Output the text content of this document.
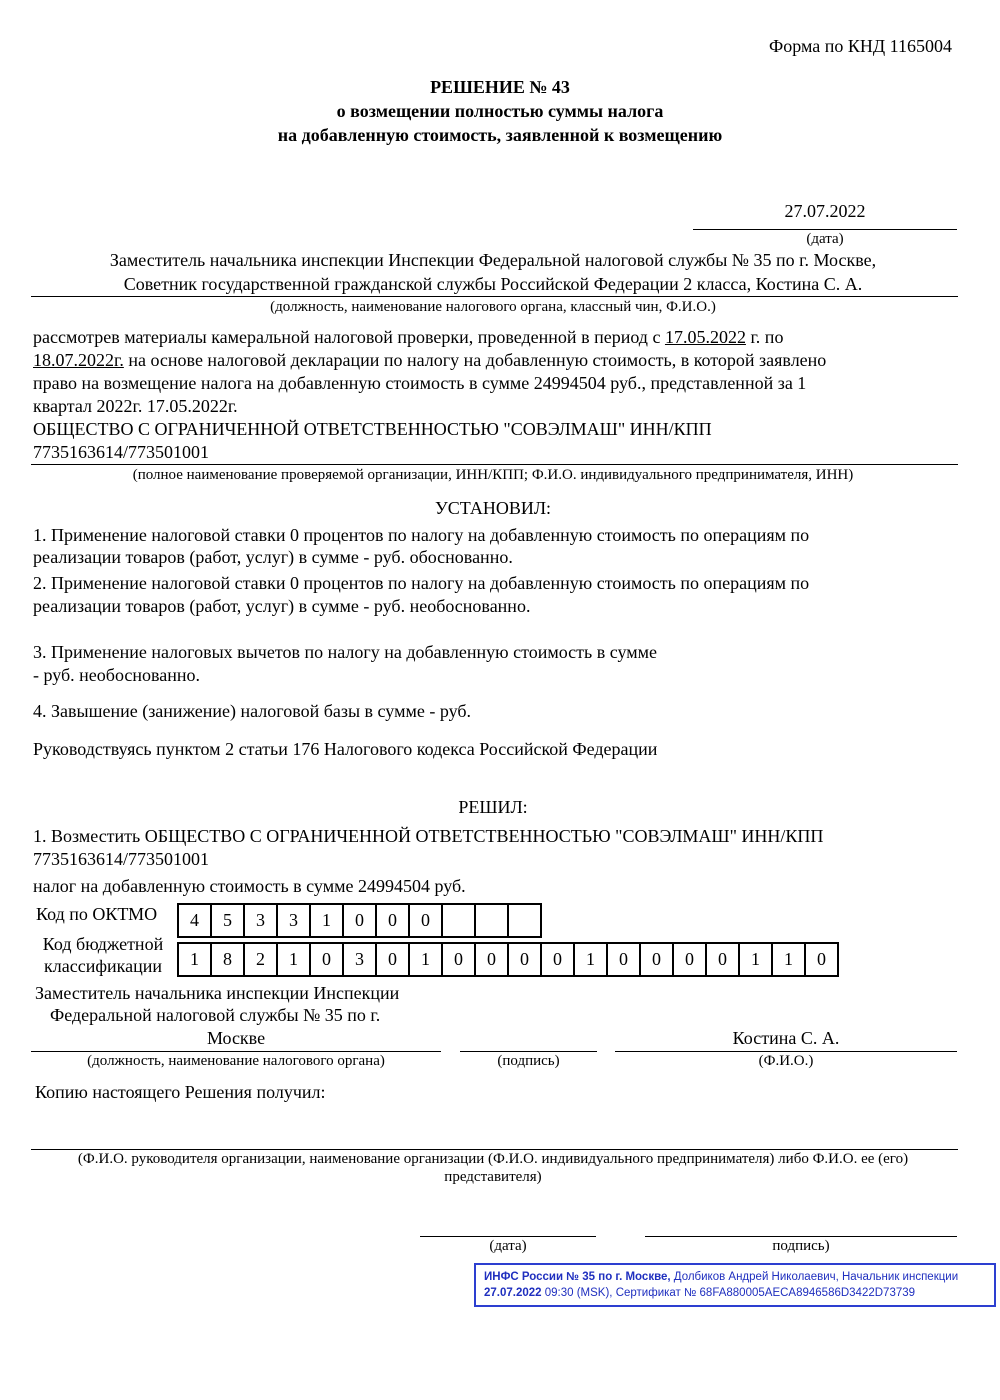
Форма по КНД 1165004
РЕШЕНИЕ № 43
о возмещении полностью суммы налога
на добавленную стоимость, заявленной к возмещению
27.07.2022
(дата)
Заместитель начальника инспекции Инспекции Федеральной налоговой службы № 35 по г. Москве,
Советник государственной гражданской службы Российской Федерации 2 класса, Костина С. А.
(должность, наименование налогового органа, классный чин, Ф.И.О.)
рассмотрев материалы камеральной налоговой проверки, проведенной в период с 17.05.2022 г. по
18.07.2022г. на основе налоговой декларации по налогу на добавленную стоимость, в которой заявлено
право на возмещение налога на добавленную стоимость в сумме 24994504 руб., представленной за 1
квартал 2022г. 17.05.2022г.
ОБЩЕСТВО С ОГРАНИЧЕННОЙ ОТВЕТСТВЕННОСТЬЮ "СОВЭЛМАШ" ИНН/КПП
7735163614/773501001
(полное наименование проверяемой организации, ИНН/КПП; Ф.И.О. индивидуального предпринимателя, ИНН)
УСТАНОВИЛ:
1. Применение налоговой ставки 0 процентов по налогу на добавленную стоимость по операциям по
реализации товаров (работ, услуг) в сумме - руб. обоснованно.
2. Применение налоговой ставки 0 процентов по налогу на добавленную стоимость по операциям по
реализации товаров (работ, услуг) в сумме - руб. необоснованно.
3. Применение налоговых вычетов по налогу на добавленную стоимость в сумме
- руб. необоснованно.
4. Завышение (занижение) налоговой базы в сумме - руб.
Руководствуясь пунктом 2 статьи 176 Налогового кодекса Российской Федерации
РЕШИЛ:
1. Возместить ОБЩЕСТВО С ОГРАНИЧЕННОЙ ОТВЕТСТВЕННОСТЬЮ "СОВЭЛМАШ" ИНН/КПП
7735163614/773501001
налог на добавленную стоимость в сумме 24994504 руб.
Код по ОКТМО	4	5	3	3	1	0	0	0
Код бюджетной
классификации	1	8	2	1	0	3	0	1	0	0	0	0	1	0	0	0	0	1	1	0
Заместитель начальника инспекции Инспекции
Федеральной налоговой службы № 35 по г.
Москве
(должность, наименование налогового органа)	(подпись)
Костина С. А.
(Ф.И.О.)
Копию настоящего Решения получил:
(Ф.И.О. руководителя организации, наименование организации (Ф.И.О. индивидуального предпринимателя) либо Ф.И.О. ее (его)
представителя)
(дата)	подпись)
ИНФС России № 35 по г. Москве, Долбиков Андрей Николаевич, Начальник инспекции
27.07.2022 09:30 (MSK), Сертификат № 68FA880005AECA8946586D3422D73739
